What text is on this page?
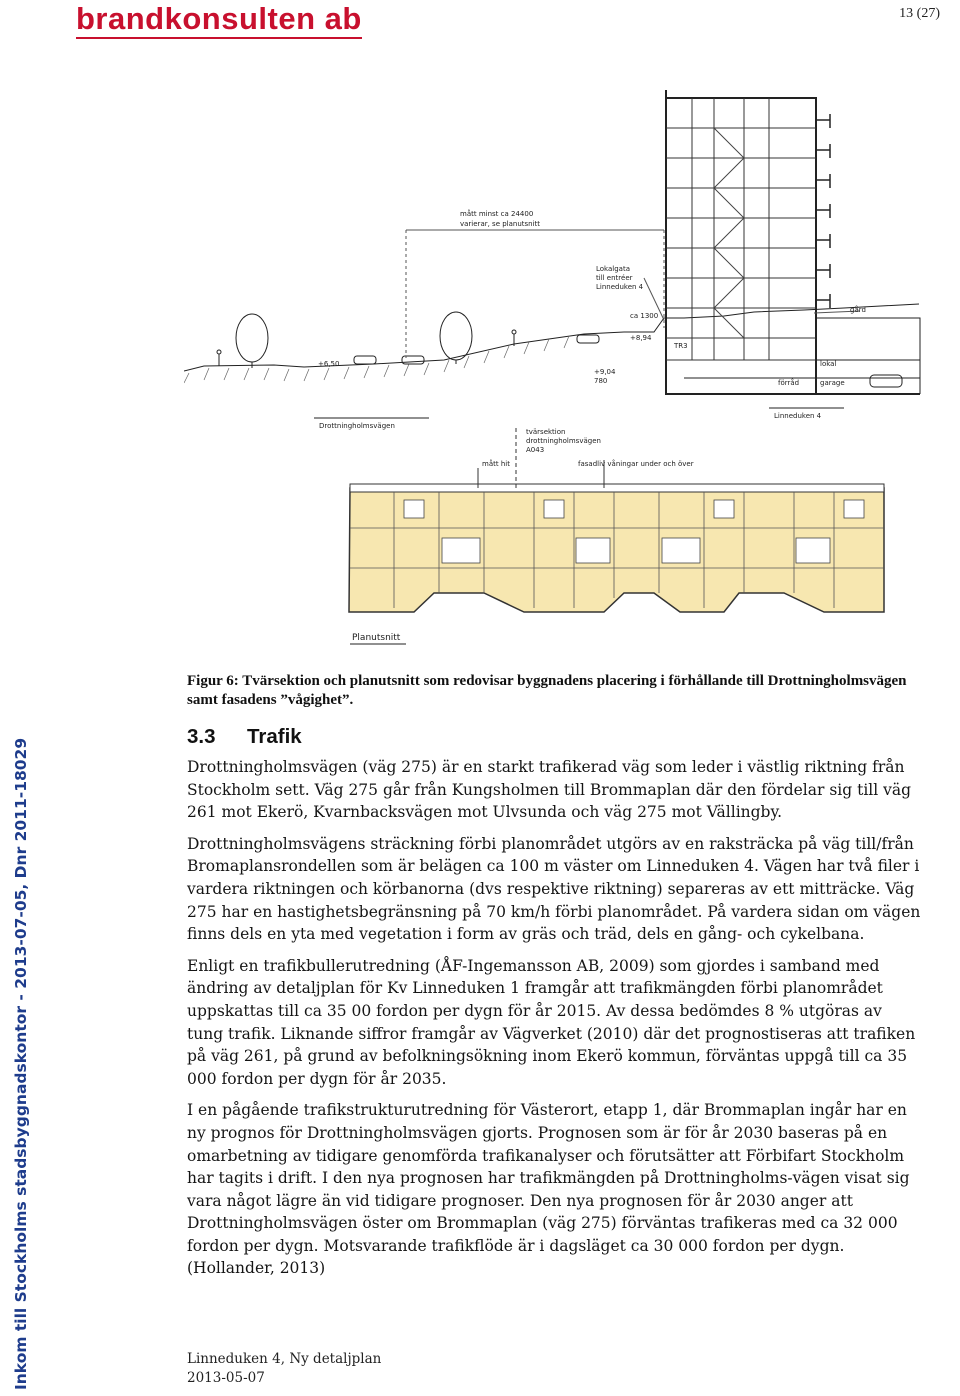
brandkonsulten ab	13 (27)
Inkom till Stockholms stadsbyggnadskontor - 2013-07-05, Dnr 2011-18029
mått minst ca 24400
varierar, se planutsnitt
Lokalgata
till entréer
Linneduken 4
gård
TR3
lokal
förråd	garage
Linneduken 4
Drottningholmsvägen
+6,50
+8,94
+9,04
ca 1300
780
tvärsektion
drottningholmsvägen
A043
mått hit	fasadliv våningar under och över
Planutsnitt
Figur 6: Tvärsektion och planutsnitt som redovisar byggnadens placering i förhållande till Drottningholmsvägen samt fasadens ”vågighet”.
3.3 Trafik

Drottningholmsvägen (väg 275) är en starkt trafikerad väg som leder i västlig riktning från Stockholm sett. Väg 275 går från Kungsholmen till Brommaplan där den fördelar sig till väg 261 mot Ekerö, Kvarnbacksvägen mot Ulvsunda och väg 275 mot Vällingby.

Drottningholmsvägens sträckning förbi planområdet utgörs av en raksträcka på väg till/från Bromaplansrondellen som är belägen ca 100 m väster om Linneduken 4. Vägen har två filer i vardera riktningen och körbanorna (dvs respektive riktning) separeras av ett mitträcke. Väg 275 har en hastighetsbegränsning på 70 km/h förbi planområdet. På vardera sidan om vägen finns dels en yta med vegetation i form av gräs och träd, dels en gång- och cykelbana.

Enligt en trafikbullerutredning (ÅF-Ingemansson AB, 2009) som gjordes i samband med ändring av detaljplan för Kv Linneduken 1 framgår att trafikmängden förbi planområdet uppskattas till ca 35 00 fordon per dygn för år 2015. Av dessa bedömdes 8 % utgöras av tung trafik. Liknande siffror framgår av Vägverket (2010) där det prognostiseras att trafiken på väg 261, på grund av befolkningsökning inom Ekerö kommun, förväntas uppgå till ca 35 000 fordon per dygn för år 2035.

I en pågående trafikstrukturutredning för Västerort, etapp 1, där Brommaplan ingår har en ny prognos för Drottningholmsvägen gjorts. Prognosen som är för år 2030 baseras på en omarbetning av tidigare genomförda trafikanalyser och förutsätter att Förbifart Stockholm har tagits i drift. I den nya prognosen har trafikmängden på Drottningholms-vägen visat sig vara något lägre än vid tidigare prognoser. Den nya prognosen för år 2030 anger att Drottningholmsvägen öster om Brommaplan (väg 275) förväntas trafikeras med ca 32 000 fordon per dygn. Motsvarande trafikflöde är i dagsläget ca 30 000 fordon per dygn. (Hollander, 2013)

Linneduken 4, Ny detaljplan
2013-05-07
